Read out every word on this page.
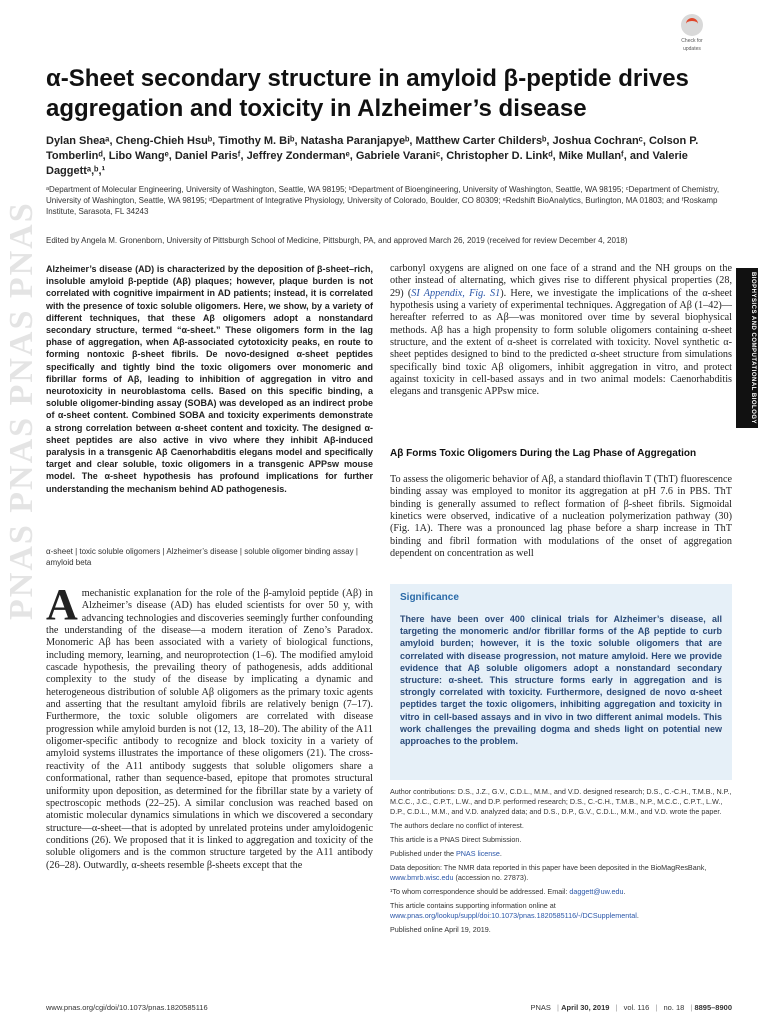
PNAS PNAS PNAS PNAS	BIOPHYSICS AND COMPUTATIONAL BIOLOGY
Check for
updates
α-Sheet secondary structure in amyloid β-peptide drives aggregation and toxicity in Alzheimer’s disease
Dylan Sheaᵃ, Cheng-Chieh Hsuᵇ, Timothy M. Biᵇ, Natasha Paranjapyeᵇ, Matthew Carter Childersᵇ, Joshua Cochranᶜ, Colson P. Tomberlinᵈ, Libo Wangᵉ, Daniel Parisᶠ, Jeffrey Zondermanᵉ, Gabriele Varaniᶜ, Christopher D. Linkᵈ, Mike Mullanᶠ, and Valerie Daggettᵃ,ᵇ,¹
ᵃDepartment of Molecular Engineering, University of Washington, Seattle, WA 98195; ᵇDepartment of Bioengineering, University of Washington, Seattle, WA 98195; ᶜDepartment of Chemistry, University of Washington, Seattle, WA 98195; ᵈDepartment of Integrative Physiology, University of Colorado, Boulder, CO 80309; ᵉRedshift BioAnalytics, Burlington, MA 01803; and ᶠRoskamp Institute, Sarasota, FL 34243
Edited by Angela M. Gronenborn, University of Pittsburgh School of Medicine, Pittsburgh, PA, and approved March 26, 2019 (received for review December 4, 2018)
Alzheimer’s disease (AD) is characterized by the deposition of β-sheet–rich, insoluble amyloid β-peptide (Aβ) plaques; however, plaque burden is not correlated with cognitive impairment in AD patients; instead, it is correlated with the presence of toxic soluble oligomers. Here, we show, by a variety of different techniques, that these Aβ oligomers adopt a nonstandard secondary structure, termed “α-sheet.” These oligomers form in the lag phase of aggregation, when Aβ-associated cytotoxicity peaks, en route to forming nontoxic β-sheet fibrils. De novo-designed α-sheet peptides specifically and tightly bind the toxic oligomers over monomeric and fibrillar forms of Aβ, leading to inhibition of aggregation in vitro and neurotoxicity in neuroblastoma cells. Based on this specific binding, a soluble oligomer-binding assay (SOBA) was developed as an indirect probe of α-sheet content. Combined SOBA and toxicity experiments demonstrate a strong correlation between α-sheet content and toxicity. The designed α-sheet peptides are also active in vivo where they inhibit Aβ-induced paralysis in a transgenic Aβ Caenorhabditis elegans model and specifically target and clear soluble, toxic oligomers in a transgenic APPsw mouse model. The α-sheet hypothesis has profound implications for further understanding the mechanism behind AD pathogenesis.
α-sheet | toxic soluble oligomers | Alzheimer’s disease | soluble oligomer binding assay | amyloid beta
Amechanistic explanation for the role of the β-amyloid peptide (Aβ) in Alzheimer’s disease (AD) has eluded scientists for over 50 y, with advancing technologies and discoveries seemingly further confounding the understanding of the disease—a modern iteration of Zeno’s Paradox. Monomeric Aβ has been associated with a variety of biological functions, including memory, learning, and neuroprotection (1–6). The modified amyloid cascade hypothesis, the prevailing theory of pathogenesis, adds additional complexity to the study of the disease by implicating a dynamic and heterogeneous distribution of soluble Aβ oligomers as the primary toxic agents and asserting that the resultant amyloid fibrils are relatively benign (7–17). Furthermore, the toxic soluble oligomers are correlated with disease progression while amyloid burden is not (12, 13, 18–20). The ability of the A11 oligomer-specific antibody to recognize and block toxicity in a variety of amyloid systems illustrates the importance of these oligomers (21). The cross-reactivity of the A11 antibody suggests that soluble oligomers share a conformational, rather than sequence-based, epitope that promotes structural uniformity upon deposition, as determined for the fibrillar state by a variety of spectroscopic methods (22–25). A similar conclusion was reached based on atomistic molecular dynamics simulations in which we discovered a secondary structure—α-sheet—that is adopted by unrelated proteins under amyloidogenic conditions (26). We proposed that it is linked to aggregation and toxicity of the soluble oligomers and is the common structure targeted by the A11 antibody (26–28). Outwardly, α-sheets resemble β-sheets except that the
carbonyl oxygens are aligned on one face of a strand and the NH groups on the other instead of alternating, which gives rise to different physical properties (28, 29) (SI Appendix, Fig. S1). Here, we investigate the implications of the α-sheet hypothesis using a variety of experimental techniques. Aggregation of Aβ (1–42)—hereafter referred to as Aβ—was monitored over time by several biophysical methods. Aβ has a high propensity to form soluble oligomers containing α-sheet structure, and the extent of α-sheet is correlated with toxicity. Novel synthetic α-sheet peptides designed to bind to the predicted α-sheet structure from simulations specifically bind toxic Aβ oligomers, inhibit aggregation in vitro, and protect against toxicity in cell-based assays and in two animal models: Caenorhabditis elegans and transgenic APPsw mice.
Aβ Forms Toxic Oligomers During the Lag Phase of Aggregation
To assess the oligomeric behavior of Aβ, a standard thioflavin T (ThT) fluorescence binding assay was employed to monitor its aggregation at pH 7.6 in PBS. ThT binding is generally assumed to reflect formation of β-sheet fibrils. Sigmoidal kinetics were observed, indicative of a nucleation polymerization pathway (30) (Fig. 1A). There was a pronounced lag phase before a sharp increase in ThT binding and fibril formation with modulations of the onset of aggregation dependent on concentration as well
Significance
There have been over 400 clinical trials for Alzheimer’s disease, all targeting the monomeric and/or fibrillar forms of the Aβ peptide to curb amyloid burden; however, it is the toxic soluble oligomers that are correlated with disease progression, not mature amyloid. Here we provide evidence that Aβ soluble oligomers adopt a nonstandard secondary structure: α-sheet. This structure forms early in aggregation and is strongly correlated with toxicity. Furthermore, designed de novo α-sheet peptides target the toxic oligomers, inhibiting aggregation and toxicity in vitro in cell-based assays and in vivo in two different animal models. This work challenges the prevailing dogma and sheds light on potential new approaches to the problem.

Author contributions: D.S., J.Z., G.V., C.D.L., M.M., and V.D. designed research; D.S., C.-C.H., T.M.B., N.P., M.C.C., J.C., C.P.T., L.W., and D.P. performed research; D.S., C.-C.H., T.M.B., N.P., M.C.C., C.P.T., L.W., D.P., C.D.L., M.M., and V.D. analyzed data; and D.S., D.P., G.V., C.D.L., M.M., and V.D. wrote the paper.

The authors declare no conflict of interest.

This article is a PNAS Direct Submission.

Published under the PNAS license.

Data deposition: The NMR data reported in this paper have been deposited in the BioMagResBank, www.bmrb.wisc.edu (accession no. 27873).

¹To whom correspondence should be addressed. Email: daggett@uw.edu.

This article contains supporting information online at www.pnas.org/lookup/suppl/doi:10.1073/pnas.1820585116/-/DCSupplemental.

Published online April 19, 2019.

www.pnas.org/cgi/doi/10.1073/pnas.1820585116	PNAS | April 30, 2019 | vol. 116 | no. 18 | 8895–8900
